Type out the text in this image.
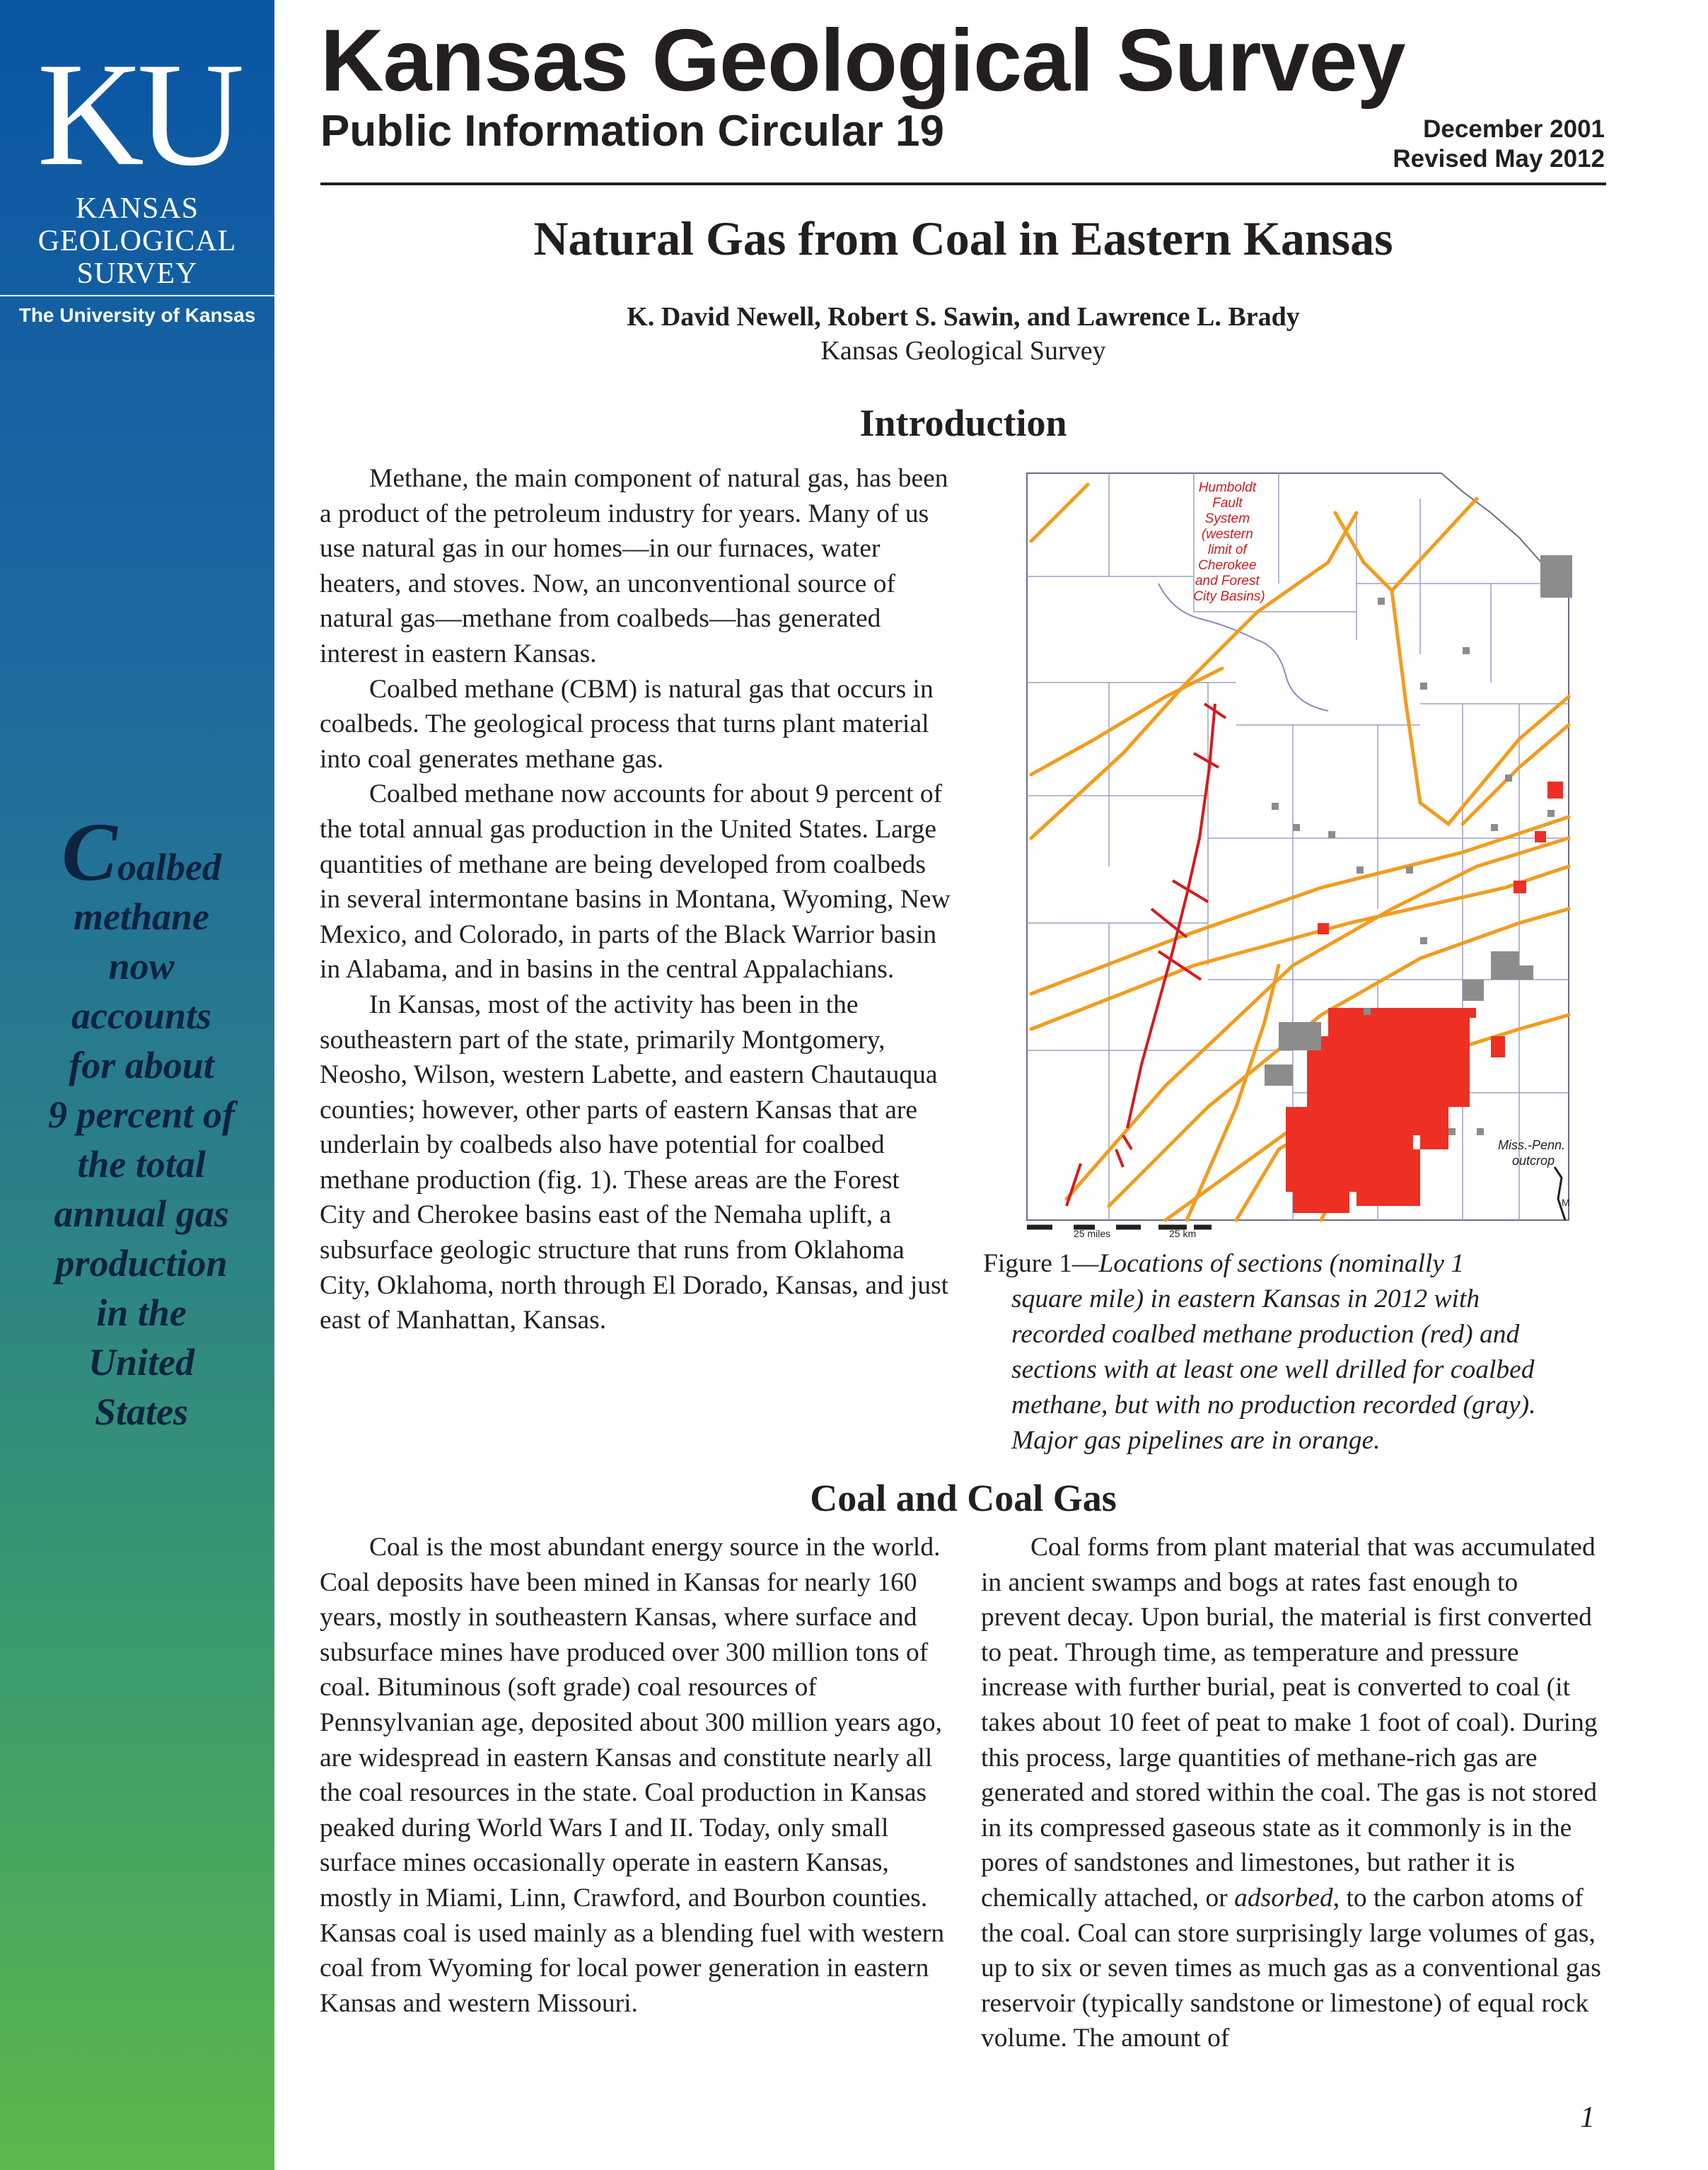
KU
KANSAS
GEOLOGICAL
SURVEY
The University of Kansas
Coalbed
methane
now
accounts
for about
9 percent of
the total
annual gas
production
in the
United
States
Kansas Geological Survey
Public Information Circular 19	December 2001
Revised May 2012
Natural Gas from Coal in Eastern Kansas
K. David Newell, Robert S. Sawin, and Lawrence L. Brady
Kansas Geological Survey
Introduction

Methane, the main component of natural gas, has been a product of the petroleum industry for years. Many of us use natural gas in our homes—in our furnaces, water heaters, and stoves. Now, an unconventional source of natural gas—methane from coalbeds—has generated interest in eastern Kansas.

Coalbed methane (CBM) is natural gas that occurs in coalbeds. The geological process that turns plant material into coal generates methane gas.

Coalbed methane now accounts for about 9 percent of the total annual gas production in the United States. Large quantities of methane are being developed from coalbeds in several intermontane basins in Montana, Wyoming, New Mexico, and Colorado, in parts of the Black Warrior basin in Alabama, and in basins in the central Appalachians.

In Kansas, most of the activity has been in the southeastern part of the state, primarily Montgomery, Neosho, Wilson, western Labette, and eastern Chautauqua counties; however, other parts of eastern Kansas that are underlain by coalbeds also have potential for coalbed methane production (fig. 1). These areas are the Forest City and Cherokee basins east of the Nemaha uplift, a subsurface geologic structure that runs from Oklahoma City, Oklahoma, north through El Dorado, Kansas, and just east of Manhattan, Kansas.

Humboldt Fault System (western limit of Cherokee and Forest City Basins)
Miss.-Penn. outcrop
M
25 miles	25 km
Figure 1—Locations of sections (nominally 1
square mile) in eastern Kansas in 2012 with
recorded coalbed methane production (red) and
sections with at least one well drilled for coalbed
methane, but with no production recorded (gray).
Major gas pipelines are in orange.
Coal and Coal Gas

Coal is the most abundant energy source in the world. Coal deposits have been mined in Kansas for nearly 160 years, mostly in southeastern Kansas, where surface and subsurface mines have produced over 300 million tons of coal. Bituminous (soft grade) coal resources of Pennsylvanian age, deposited about 300 million years ago, are widespread in eastern Kansas and constitute nearly all the coal resources in the state. Coal production in Kansas peaked during World Wars I and II. Today, only small surface mines occasionally operate in eastern Kansas, mostly in Miami, Linn, Crawford, and Bourbon counties. Kansas coal is used mainly as a blending fuel with western coal from Wyoming for local power generation in eastern Kansas and western Missouri.

Coal forms from plant material that was accumulated in ancient swamps and bogs at rates fast enough to prevent decay. Upon burial, the material is first converted to peat. Through time, as temperature and pressure increase with further burial, peat is converted to coal (it takes about 10 feet of peat to make 1 foot of coal). During this process, large quantities of methane-rich gas are generated and stored within the coal. The gas is not stored in its compressed gaseous state as it commonly is in the pores of sandstones and limestones, but rather it is chemically attached, or adsorbed, to the carbon atoms of the coal. Coal can store surprisingly large volumes of gas, up to six or seven times as much gas as a conventional gas reservoir (typically sandstone or limestone) of equal rock volume. The amount of

1
